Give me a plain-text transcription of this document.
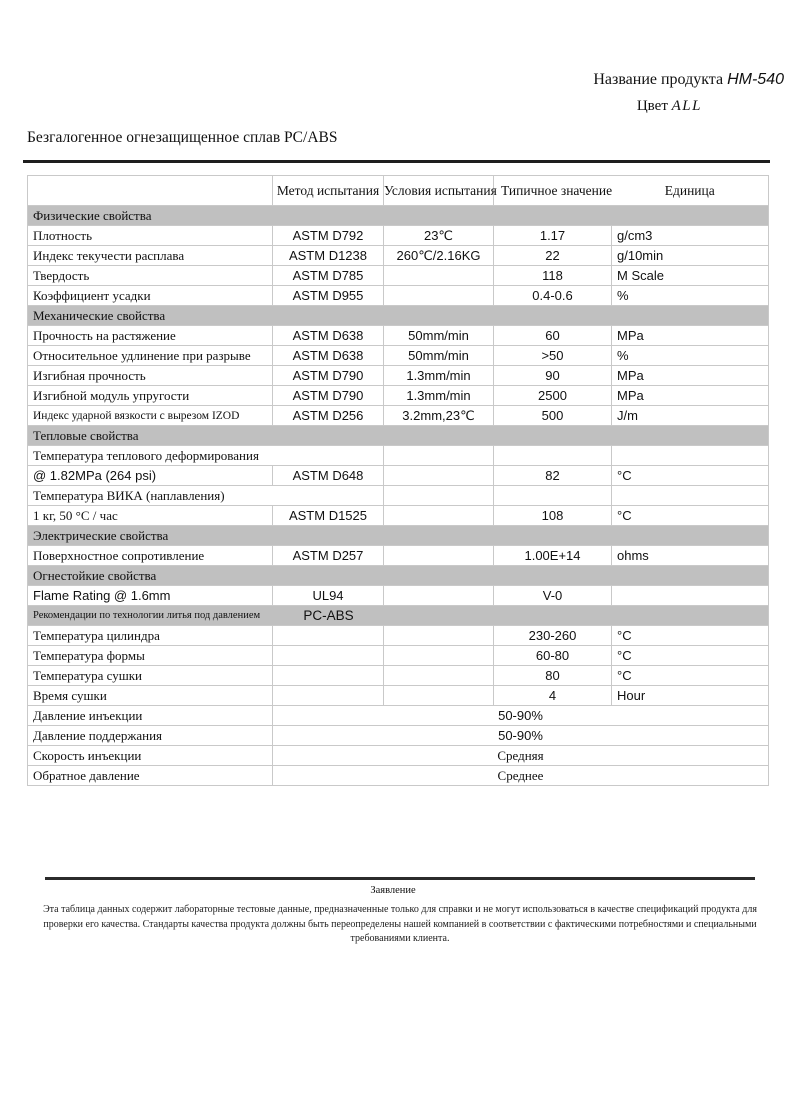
Название продукта HM-540
Цвет ALL
Безгалогенное огнезащищенное сплав PC/ABS
	Метод испытания	Условия испытания	Типичное значение	Единица
Физические свойства				
Плотность	ASTM D792	23℃	1.17	g/cm3
Индекс текучести расплава	ASTM D1238	260℃/2.16KG	22	g/10min
Твердость	ASTM D785		118	M Scale
Коэффициент усадки	ASTM D955		0.4-0.6	%
Механические свойства				
Прочность на растяжение	ASTM D638	50mm/min	60	MPa
Относительное удлинение при разрыве	ASTM D638	50mm/min	>50	%
Изгибная прочность	ASTM D790	1.3mm/min	90	MPa
Изгибной модуль упругости	ASTM D790	1.3mm/min	2500	MPa
Индекс ударной вязкости с вырезом IZOD	ASTM D256	3.2mm,23℃	500	J/m
Тепловые свойства				
Температура теплового деформирования				
@ 1.82MPa (264 psi)	ASTM D648		82	°C
Температура ВИКА (наплавления)				
1 кг, 50 °C / час	ASTM D1525		108	°C
Электрические свойства				
Поверхностное сопротивление	ASTM D257		1.00E+14	ohms
Огнестойкие свойства				
Flame Rating @ 1.6mm	UL94		V-0	
Рекомендации по технологии литья под давлением PC-ABS				

Температура цилиндра			230-260	°C
Температура формы			60-80	°C
Температура сушки			80	°C
Время сушки			4	Hour
Давление инъекции	50-90%			
Давление поддержания	50-90%			
Скорость инъекции	Средняя			
Обратное давление	Среднее			
Заявление
Эта таблица данных содержит лабораторные тестовые данные, предназначенные только для справки и не могут использоваться в качестве спецификаций продукта для проверки его качества. Стандарты качества продукта должны быть переопределены нашей компанией в соответствии с фактическими потребностями и специальными требованиями клиента.
